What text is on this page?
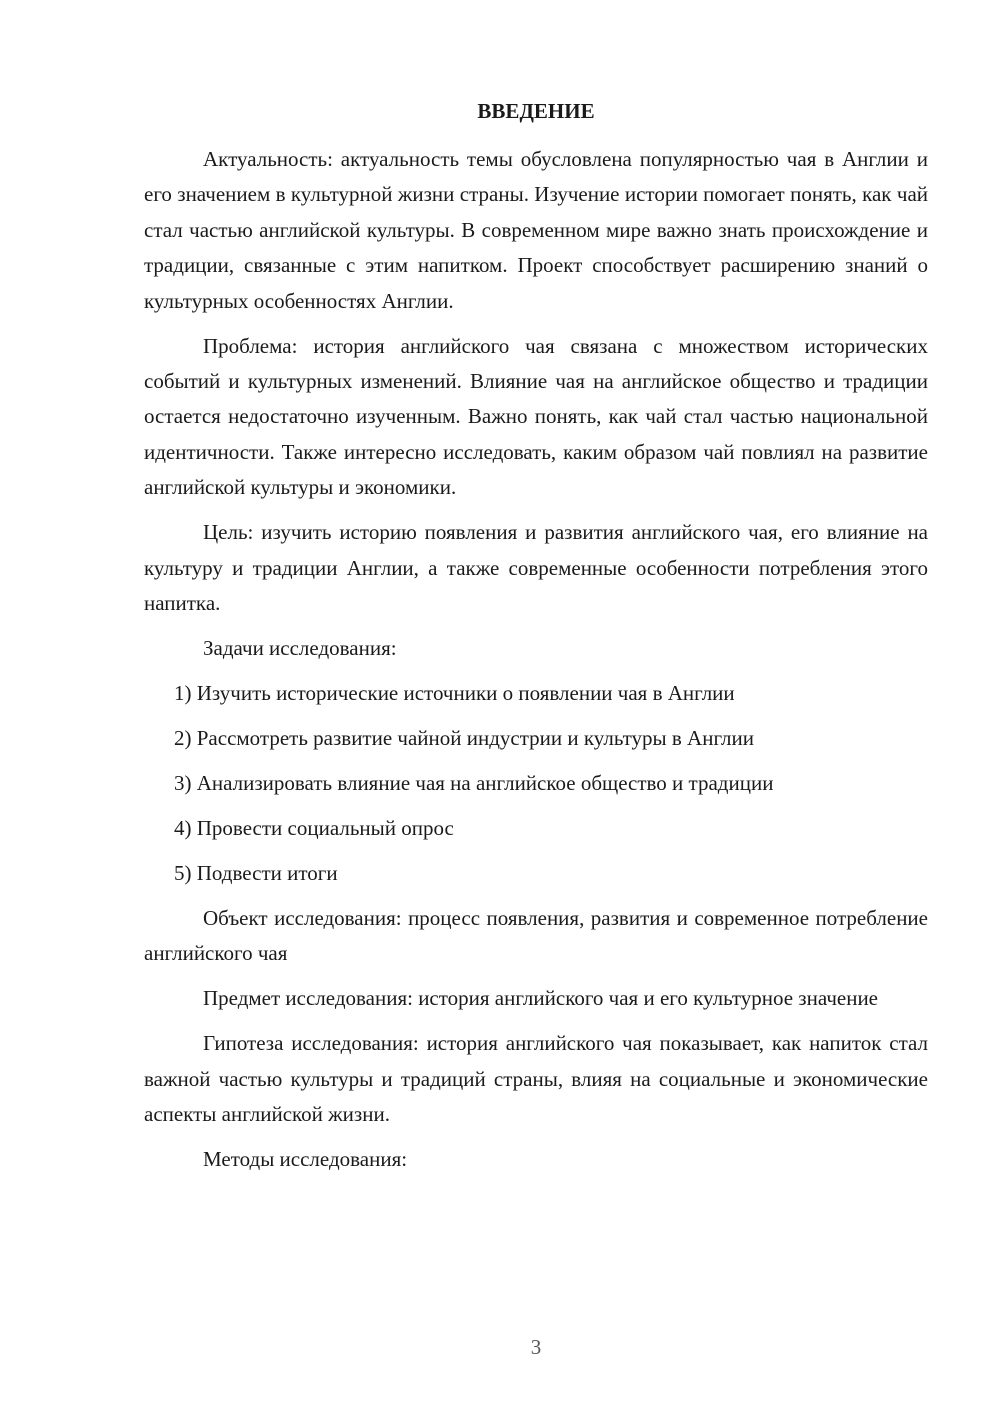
ВВЕДЕНИЕ

Актуальность: актуальность темы обусловлена популярностью чая в Англии и его значением в культурной жизни страны. Изучение истории помогает понять, как чай стал частью английской культуры. В современном мире важно знать происхождение и традиции, связанные с этим напитком. Проект способствует расширению знаний о культурных особенностях Англии.

Проблема: история английского чая связана с множеством исторических событий и культурных изменений. Влияние чая на английское общество и традиции остается недостаточно изученным. Важно понять, как чай стал частью национальной идентичности. Также интересно исследовать, каким образом чай повлиял на развитие английской культуры и экономики.

Цель: изучить историю появления и развития английского чая, его влияние на культуру и традиции Англии, а также современные особенности потребления этого напитка.

Задачи исследования:

1) Изучить исторические источники о появлении чая в Англии
2) Рассмотреть развитие чайной индустрии и культуры в Англии
3) Анализировать влияние чая на английское общество и традиции
4) Провести социальный опрос
5) Подвести итоги

Объект исследования: процесс появления, развития и современное потребление английского чая

Предмет исследования: история английского чая и его культурное значение

Гипотеза исследования: история английского чая показывает, как напиток стал важной частью культуры и традиций страны, влияя на социальные и экономические аспекты английской жизни.

Методы исследования:

3
